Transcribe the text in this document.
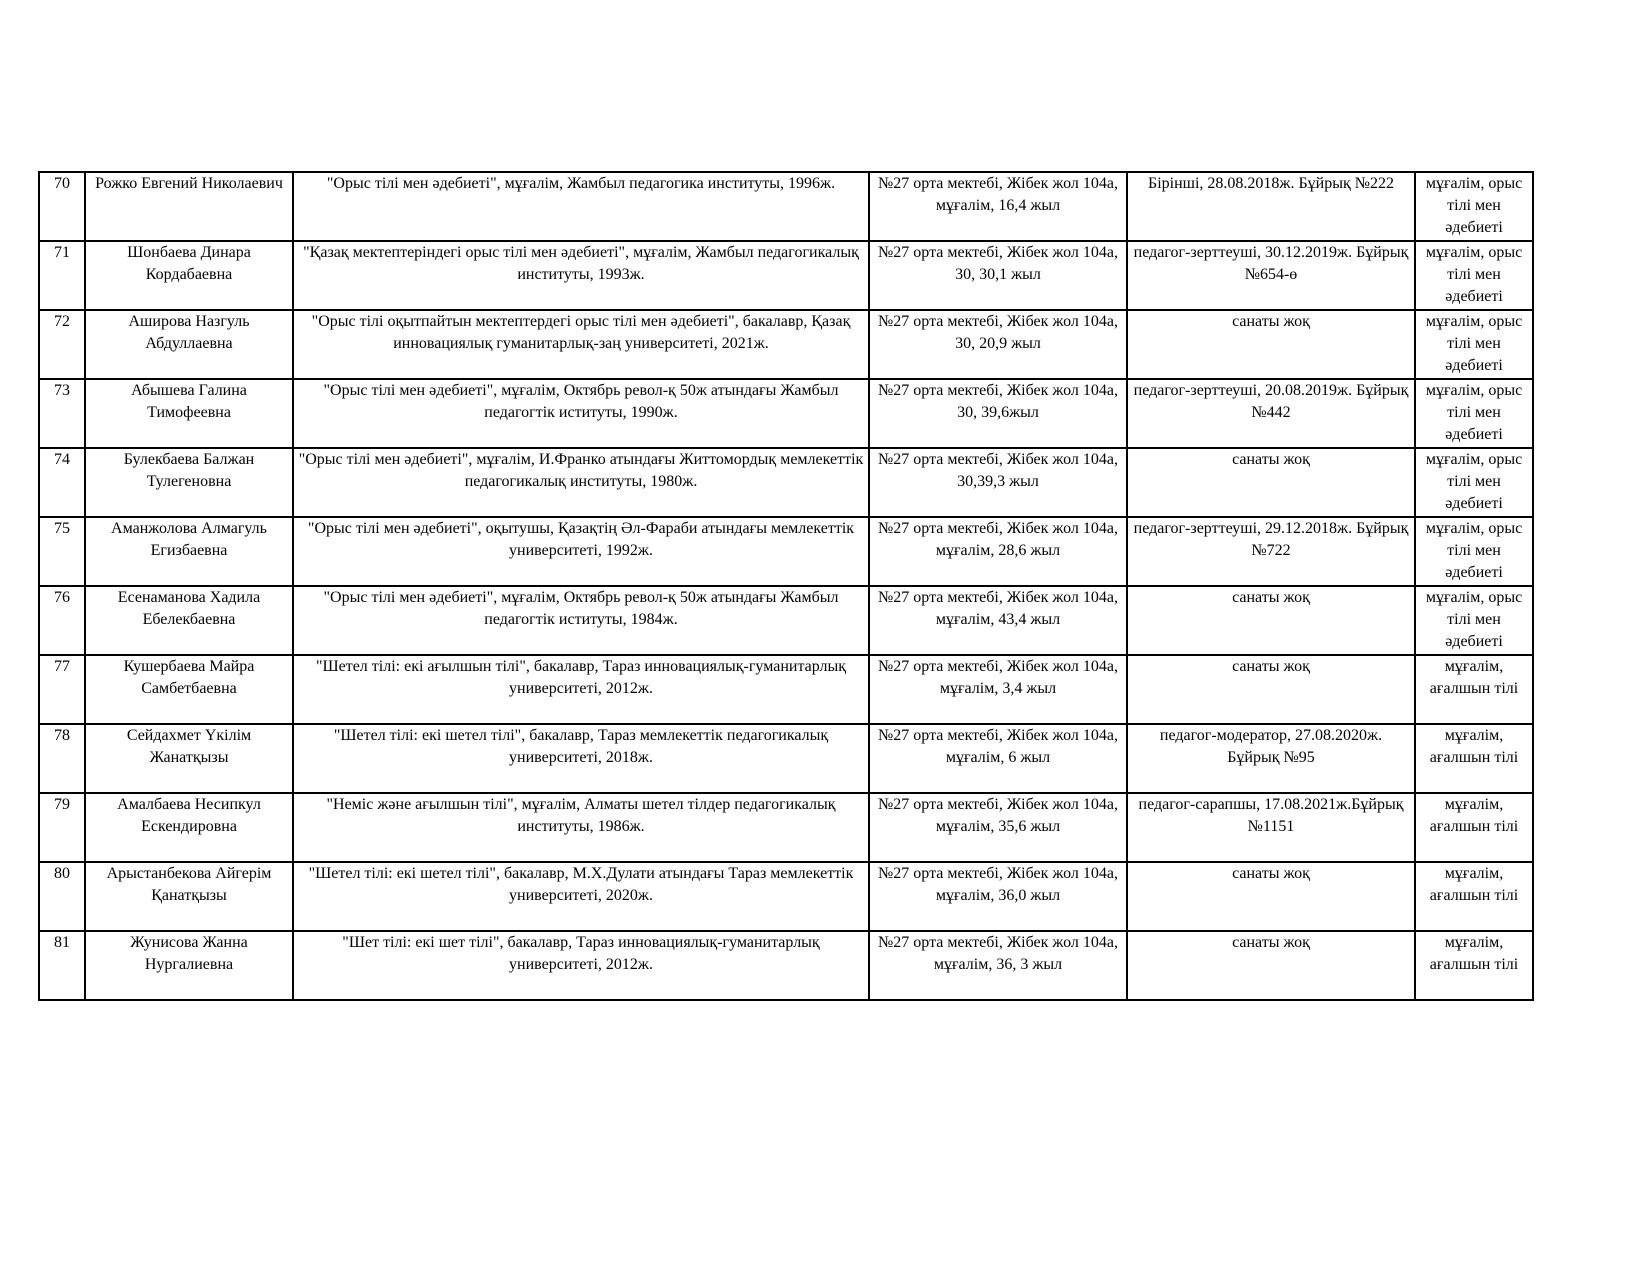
70	Рожко Евгений Николаевич	"Орыс тілі мен әдебиеті", мұғалім, Жамбыл педагогика институты, 1996ж.	№27 орта мектебі, Жібек жол 104а, мұғалім, 16,4 жыл	Бірінші, 28.08.2018ж. Бұйрық №222	мұғалім, орыс тілі мен әдебиеті
71	Шонбаева Динара Кордабаевна	"Қазақ мектептеріндегі орыс тілі мен әдебиеті", мұғалім, Жамбыл педагогикалық институты, 1993ж.	№27 орта мектебі, Жібек жол 104а, 30, 30,1 жыл	педагог-зерттеуші, 30.12.2019ж. Бұйрық №654-ө	мұғалім, орыс тілі мен әдебиеті
72	Аширова Назгуль Абдуллаевна	"Орыс тілі оқытпайтын мектептердегі орыс тілі мен әдебиеті", бакалавр, Қазақ инновациялық гуманитарлық-заң университеті, 2021ж.	№27 орта мектебі, Жібек жол 104а, 30, 20,9 жыл	санаты жоқ	мұғалім, орыс тілі мен әдебиеті
73	Абышева Галина Тимофеевна	"Орыс тілі мен әдебиеті", мұғалім, Октябрь револ-қ 50ж атындағы Жамбыл педагогтік иституты, 1990ж.	№27 орта мектебі, Жібек жол 104а, 30, 39,6жыл	педагог-зерттеуші, 20.08.2019ж. Бұйрық №442	мұғалім, орыс тілі мен әдебиеті
74	Булекбаева Балжан Тулегеновна	"Орыс тілі мен әдебиеті", мұғалім, И.Франко атындағы Життомордық мемлекеттік педагогикалық институты, 1980ж.	№27 орта мектебі, Жібек жол 104а, 30,39,3 жыл	санаты жоқ	мұғалім, орыс тілі мен әдебиеті
75	Аманжолова Алмагуль Егизбаевна	"Орыс тілі мен әдебиеті", оқытушы, Қазақтің Әл-Фараби атындағы мемлекеттік университеті, 1992ж.	№27 орта мектебі, Жібек жол 104а, мұғалім, 28,6 жыл	педагог-зерттеуші, 29.12.2018ж. Бұйрық №722	мұғалім, орыс тілі мен әдебиеті
76	Есенаманова Хадила Ебелекбаевна	"Орыс тілі мен әдебиеті", мұғалім, Октябрь револ-қ 50ж атындағы Жамбыл педагогтік иституты, 1984ж.	№27 орта мектебі, Жібек жол 104а, мұғалім, 43,4 жыл	санаты жоқ	мұғалім, орыс тілі мен әдебиеті
77	Кушербаева Майра Самбетбаевна	"Шетел тілі: екі ағылшын тілі", бакалавр, Тараз инновациялық-гуманитарлық университеті, 2012ж.	№27 орта мектебі, Жібек жол 104а, мұғалім, 3,4 жыл	санаты жоқ	мұғалім, ағалшын тілі
78	Сейдахмет Үкілім Жанатқызы	"Шетел тілі: екі шетел тілі", бакалавр, Тараз мемлекеттік педагогикалық университеті, 2018ж.	№27 орта мектебі, Жібек жол 104а, мұғалім, 6 жыл	педагог-модератор, 27.08.2020ж. Бұйрық №95	мұғалім, ағалшын тілі
79	Амалбаева Несипкул Ескендировна	"Неміс және ағылшын тілі", мұғалім, Алматы шетел тілдер педагогикалық институты, 1986ж.	№27 орта мектебі, Жібек жол 104а, мұғалім, 35,6 жыл	педагог-сарапшы, 17.08.2021ж.Бұйрық №1151	мұғалім, ағалшын тілі
80	Арыстанбекова Айгерім Қанатқызы	"Шетел тілі: екі шетел тілі", бакалавр, М.Х.Дулати атындағы Тараз мемлекеттік университеті, 2020ж.	№27 орта мектебі, Жібек жол 104а, мұғалім, 36,0 жыл	санаты жоқ	мұғалім, ағалшын тілі
81	Жунисова Жанна Нургалиевна	"Шет тілі: екі шет тілі", бакалавр, Тараз инновациялық-гуманитарлық университеті, 2012ж.	№27 орта мектебі, Жібек жол 104а, мұғалім, 36, 3 жыл	санаты жоқ	мұғалім, ағалшын тілі
